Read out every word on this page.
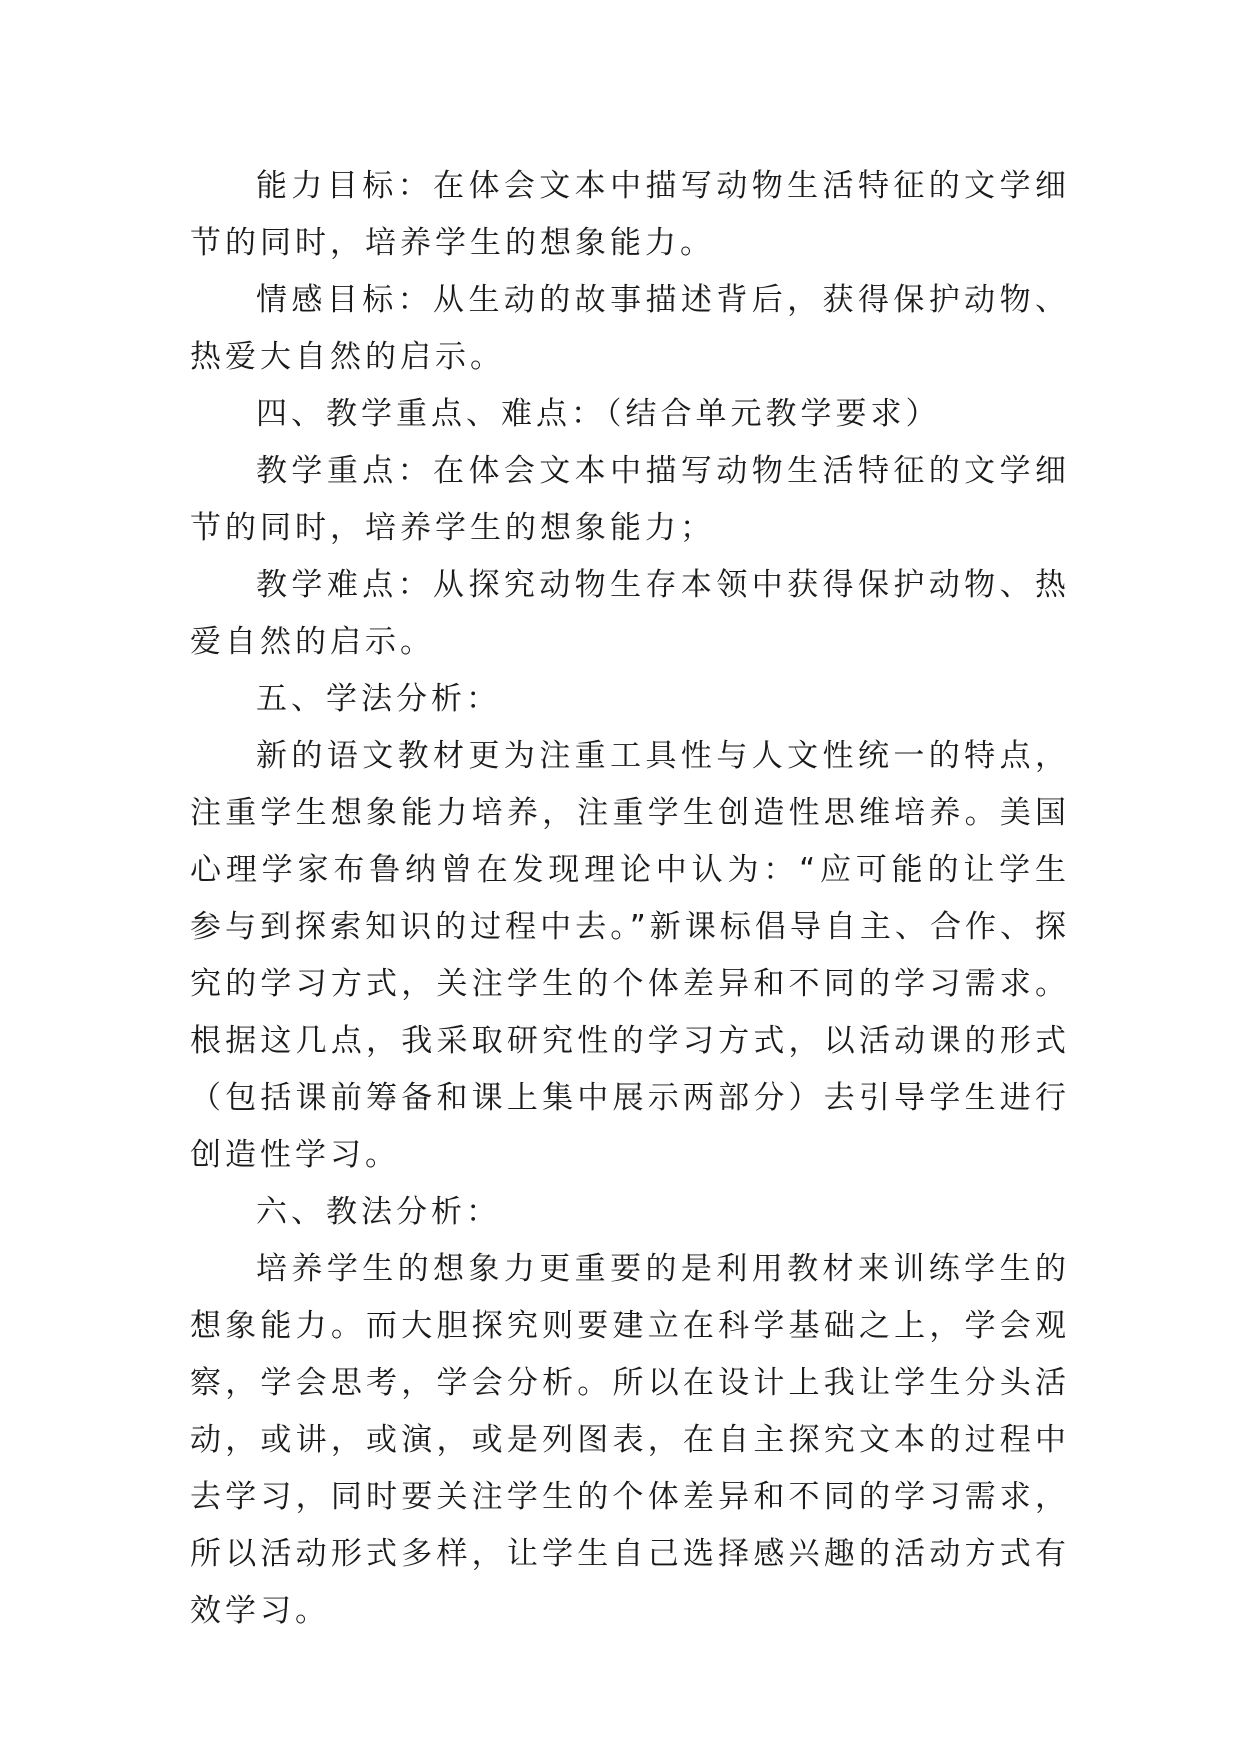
能力目标：在体会文本中描写动物生活特征的文学细节的同时，培养学生的想象能力。

情感目标：从生动的故事描述背后，获得保护动物、热爱大自然的启示。

四、教学重点、难点：（结合单元教学要求）

教学重点：在体会文本中描写动物生活特征的文学细节的同时，培养学生的想象能力；

教学难点：从探究动物生存本领中获得保护动物、热爱自然的启示。

五、学法分析：

新的语文教材更为注重工具性与人文性统一的特点，注重学生想象能力培养，注重学生创造性思维培养。美国心理学家布鲁纳曾在发现理论中认为：“应可能的让学生参与到探索知识的过程中去。”新课标倡导自主、合作、探究的学习方式，关注学生的个体差异和不同的学习需求。根据这几点，我采取研究性的学习方式，以活动课的形式（包括课前筹备和课上集中展示两部分）去引导学生进行创造性学习。

六、教法分析：

培养学生的想象力更重要的是利用教材来训练学生的想象能力。而大胆探究则要建立在科学基础之上，学会观察，学会思考，学会分析。所以在设计上我让学生分头活动，或讲，或演，或是列图表，在自主探究文本的过程中去学习，同时要关注学生的个体差异和不同的学习需求，所以活动形式多样，让学生自己选择感兴趣的活动方式有效学习。
